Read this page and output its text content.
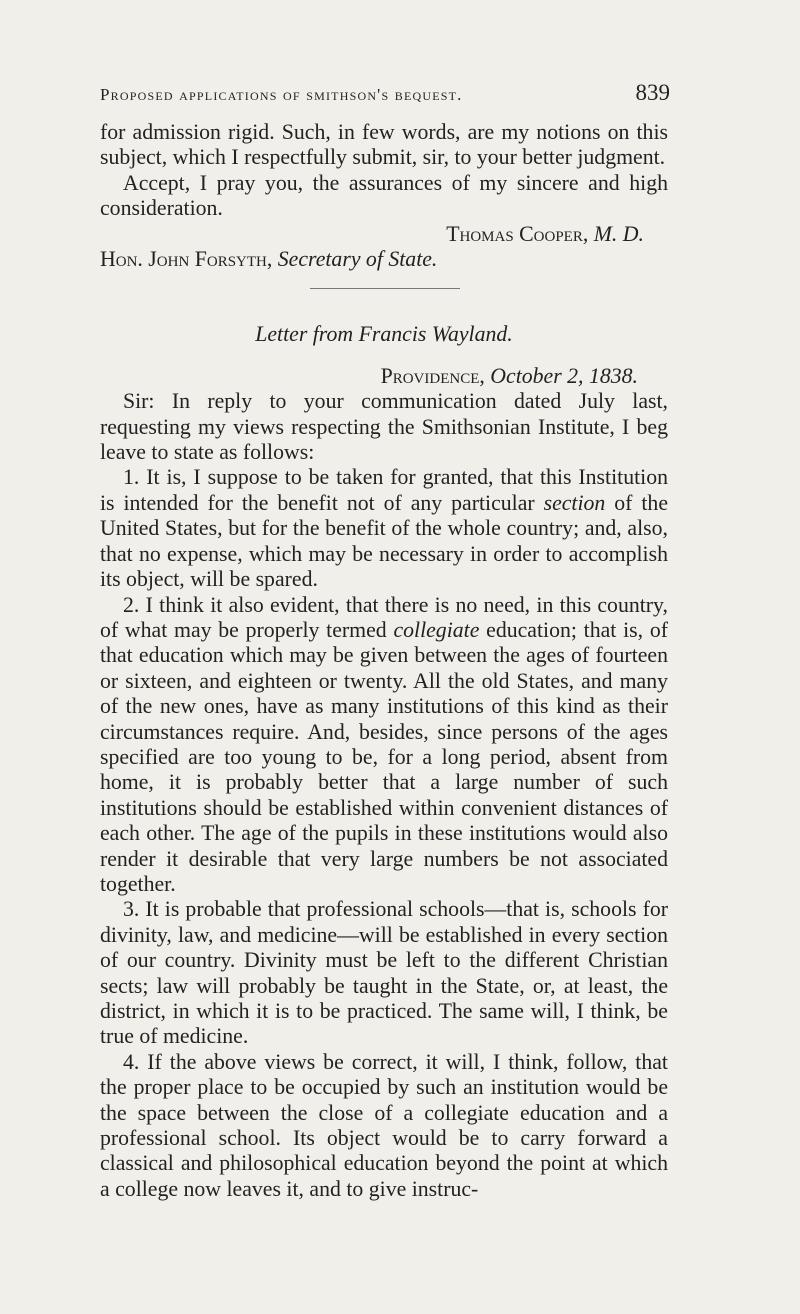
Proposed applications of smithson's bequest.	839

for admission rigid. Such, in few words, are my notions on this subject, which I respectfully submit, sir, to your better judgment.

Accept, I pray you, the assurances of my sincere and high consideration.

Thomas Cooper, M. D.

Hon. John Forsyth, Secretary of State.

Letter from Francis Wayland.

Providence, October 2, 1838.

Sir: In reply to your communication dated July last, requesting my views respecting the Smithsonian Institute, I beg leave to state as follows:

1. It is, I suppose to be taken for granted, that this Institution is intended for the benefit not of any particular section of the United States, but for the benefit of the whole country; and, also, that no expense, which may be necessary in order to accomplish its object, will be spared.

2. I think it also evident, that there is no need, in this country, of what may be properly termed collegiate education; that is, of that education which may be given between the ages of fourteen or sixteen, and eighteen or twenty. All the old States, and many of the new ones, have as many institutions of this kind as their circumstances require. And, besides, since persons of the ages specified are too young to be, for a long period, absent from home, it is probably better that a large number of such institutions should be established within convenient distances of each other. The age of the pupils in these institutions would also render it desirable that very large numbers be not associated together.

3. It is probable that professional schools—that is, schools for divinity, law, and medicine—will be established in every section of our country. Divinity must be left to the different Christian sects; law will probably be taught in the State, or, at least, the district, in which it is to be practiced. The same will, I think, be true of medicine.

4. If the above views be correct, it will, I think, follow, that the proper place to be occupied by such an institution would be the space between the close of a collegiate education and a professional school. Its object would be to carry forward a classical and philosophical education beyond the point at which a college now leaves it, and to give instruc-
